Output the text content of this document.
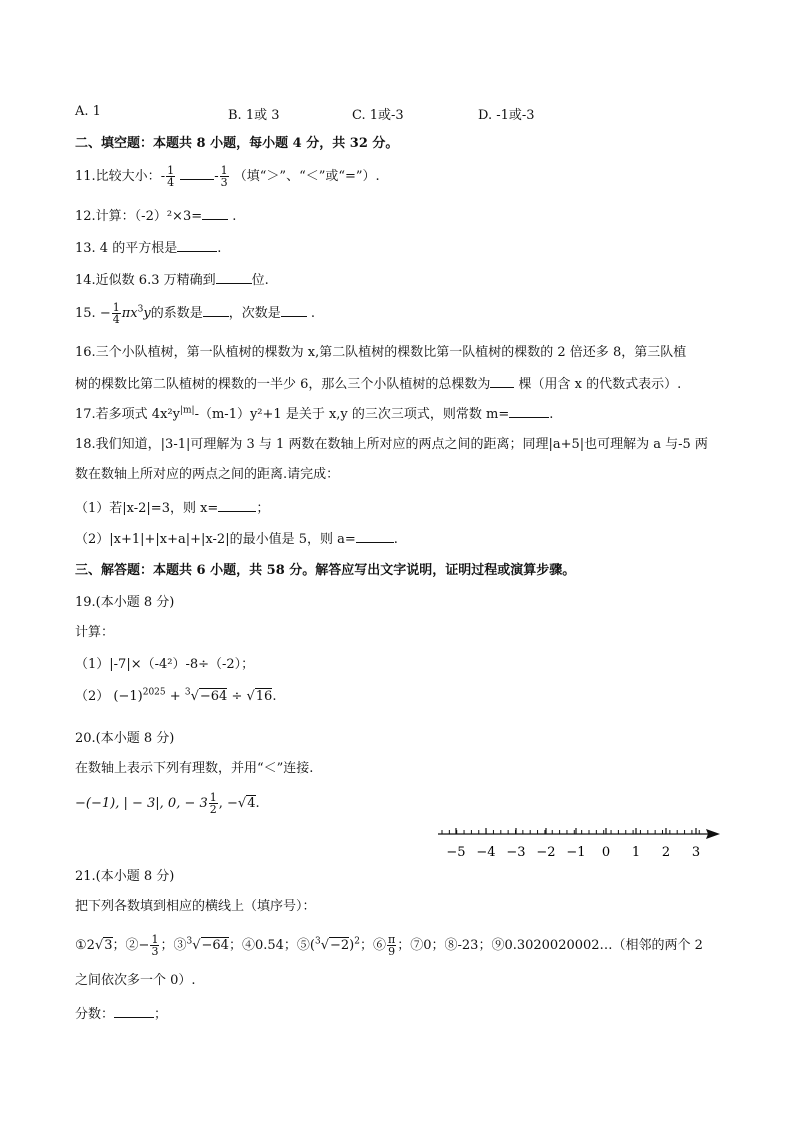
A. 1	B. 1或 3	C. 1或-3	D. -1或-3
二、填空题：本题共 8 小题，每小题 4 分，共 32 分。
11.比较大小：- $\frac{1}{4}$	- $\frac{1}{3}$ （填“＞”、“＜”或“=”）.
12.计算：（-2）²×3= .
13. 4 的平方根是	.
14.近似数 6.3 万精确到	位.
15. − $\frac{1}{4} \pi x^3y$的系数是 ，次数是 .
16.三个小队植树，第一队植树的棵数为 x,第二队植树的棵数比第一队植树的棵数的 2 倍还多 8，第三队植
树的棵数比第二队植树的棵数的一半少 6，那么三个小队植树的总棵数为 棵（用含 x 的代数式表示）.
17.若多项式 $4x^2y^{|m|}-(m-1)y^2+1$ 是关于 x,y 的三次三项式，则常数 m=	.
18.我们知道，|3-1|可理解为 3 与 1 两数在数轴上所对应的两点之间的距离；同理|a+5|也可理解为 a 与-5 两
数在数轴上所对应的两点之间的距离.请完成：
（1）若|x-2|=3，则 x=	；
（2）|x+1|+|x+a|+|x-2|的最小值是 5，则 a=	.
三、解答题：本题共 6 小题，共 58 分。解答应写出文字说明，证明过程或演算步骤。
19.(本小题 8 分)
计算：
（1）|-7|×（-4²）-8÷（-2）；
（2） $(-1)^{2025} + ^3√-64 \div √16$.
20.(本小题 8 分)
在数轴上表示下列有理数，并用“＜”连接.
−(−1), | − 3|, 0, − $3 \frac{1}{2}$ , −√4.
−5 −4 −3 −2 −1 0 1 2 3
21.(本小题 8 分)
把下列各数填到相应的横线上（填序号）：
①2√3；②− $\frac{1}{3}$ ；③$^3$√−64；④0.54；$⑤(^3√-2)^2$；⑥ $\frac{\pi}{9}$ ；⑦0；⑧-23；⑨0.3020020002…（相邻的两个 2
之间依次多一个 0）.
分数：	；
